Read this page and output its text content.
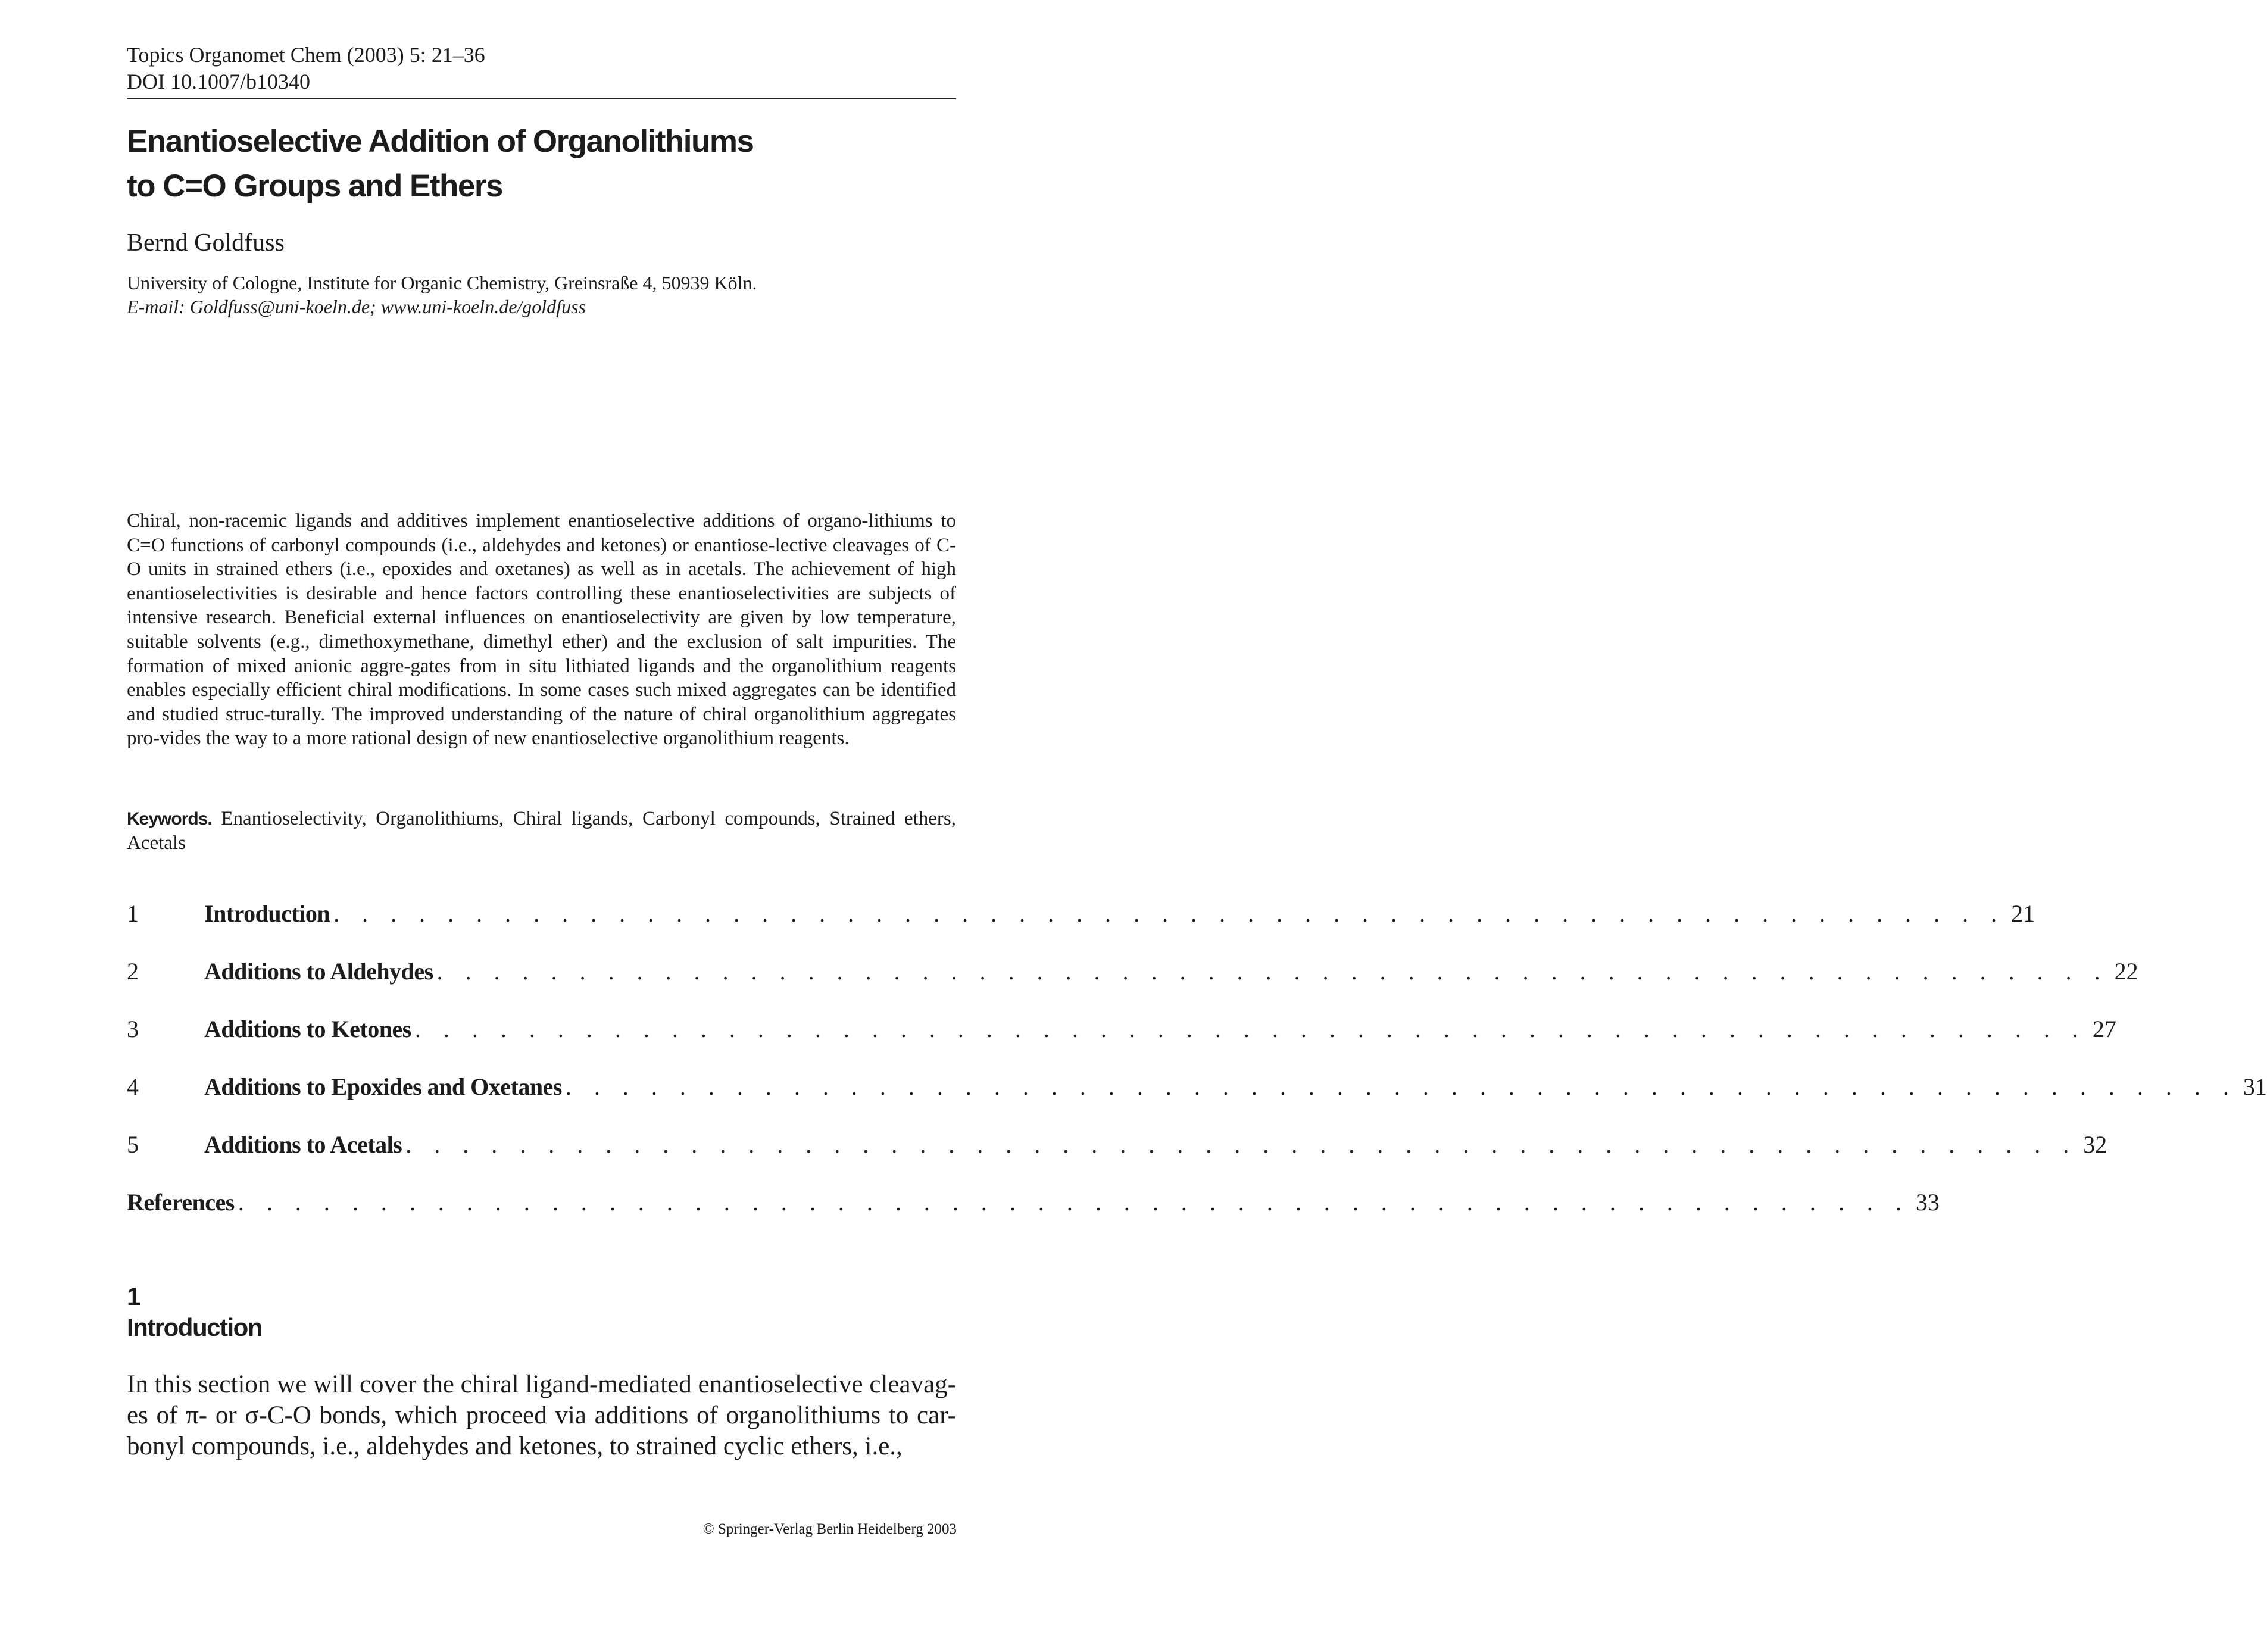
Topics Organomet Chem (2003) 5: 21–36
DOI 10.1007/b10340
Enantioselective Addition of Organolithiums
to C=O Groups and Ethers
Bernd Goldfuss
University of Cologne, Institute for Organic Chemistry, Greinsraße 4, 50939 Köln.
E-mail: Goldfuss@uni-koeln.de; www.uni-koeln.de/goldfuss
Chiral, non-racemic ligands and additives implement enantioselective additions of organo-lithiums to C=O functions of carbonyl compounds (i.e., aldehydes and ketones) or enantiose-lective cleavages of C-O units in strained ethers (i.e., epoxides and oxetanes) as well as in acetals. The achievement of high enantioselectivities is desirable and hence factors controlling these enantioselectivities are subjects of intensive research. Beneficial external influences on enantioselectivity are given by low temperature, suitable solvents (e.g., dimethoxymethane, dimethyl ether) and the exclusion of salt impurities. The formation of mixed anionic aggre-gates from in situ lithiated ligands and the organolithium reagents enables especially efficient chiral modifications. In some cases such mixed aggregates can be identified and studied struc-turally. The improved understanding of the nature of chiral organolithium aggregates pro-vides the way to a more rational design of new enantioselective organolithium reagents.
Keywords. Enantioselectivity, Organolithiums, Chiral ligands, Carbonyl compounds, Strained ethers, Acetals
1	Introduction . . . . . . . . . . . . . . . . . . . . . . . . . . . . . . . . . . . . . . . . . . . . . . . . . . . . . . . . . . . 21
2	Additions to Aldehydes . . . . . . . . . . . . . . . . . . . . . . . . . . . . . . . . . . . . . . . . . . . . . . . . . . . . . . . . . . . 22
3	Additions to Ketones . . . . . . . . . . . . . . . . . . . . . . . . . . . . . . . . . . . . . . . . . . . . . . . . . . . . . . . . . . . 27
4	Additions to Epoxides and Oxetanes . . . . . . . . . . . . . . . . . . . . . . . . . . . . . . . . . . . . . . . . . . . . . . . . . . . . . . . . . . . 31
5	Additions to Acetals . . . . . . . . . . . . . . . . . . . . . . . . . . . . . . . . . . . . . . . . . . . . . . . . . . . . . . . . . . . 32
References . . . . . . . . . . . . . . . . . . . . . . . . . . . . . . . . . . . . . . . . . . . . . . . . . . . . . . . . . . . 33
1
Introduction
In this section we will cover the chiral ligand-mediated enantioselective cleavag-es of π- or σ-C-O bonds, which proceed via additions of organolithiums to car-bonyl compounds, i.e., aldehydes and ketones, to strained cyclic ethers, i.e.,
© Springer-Verlag Berlin Heidelberg 2003
